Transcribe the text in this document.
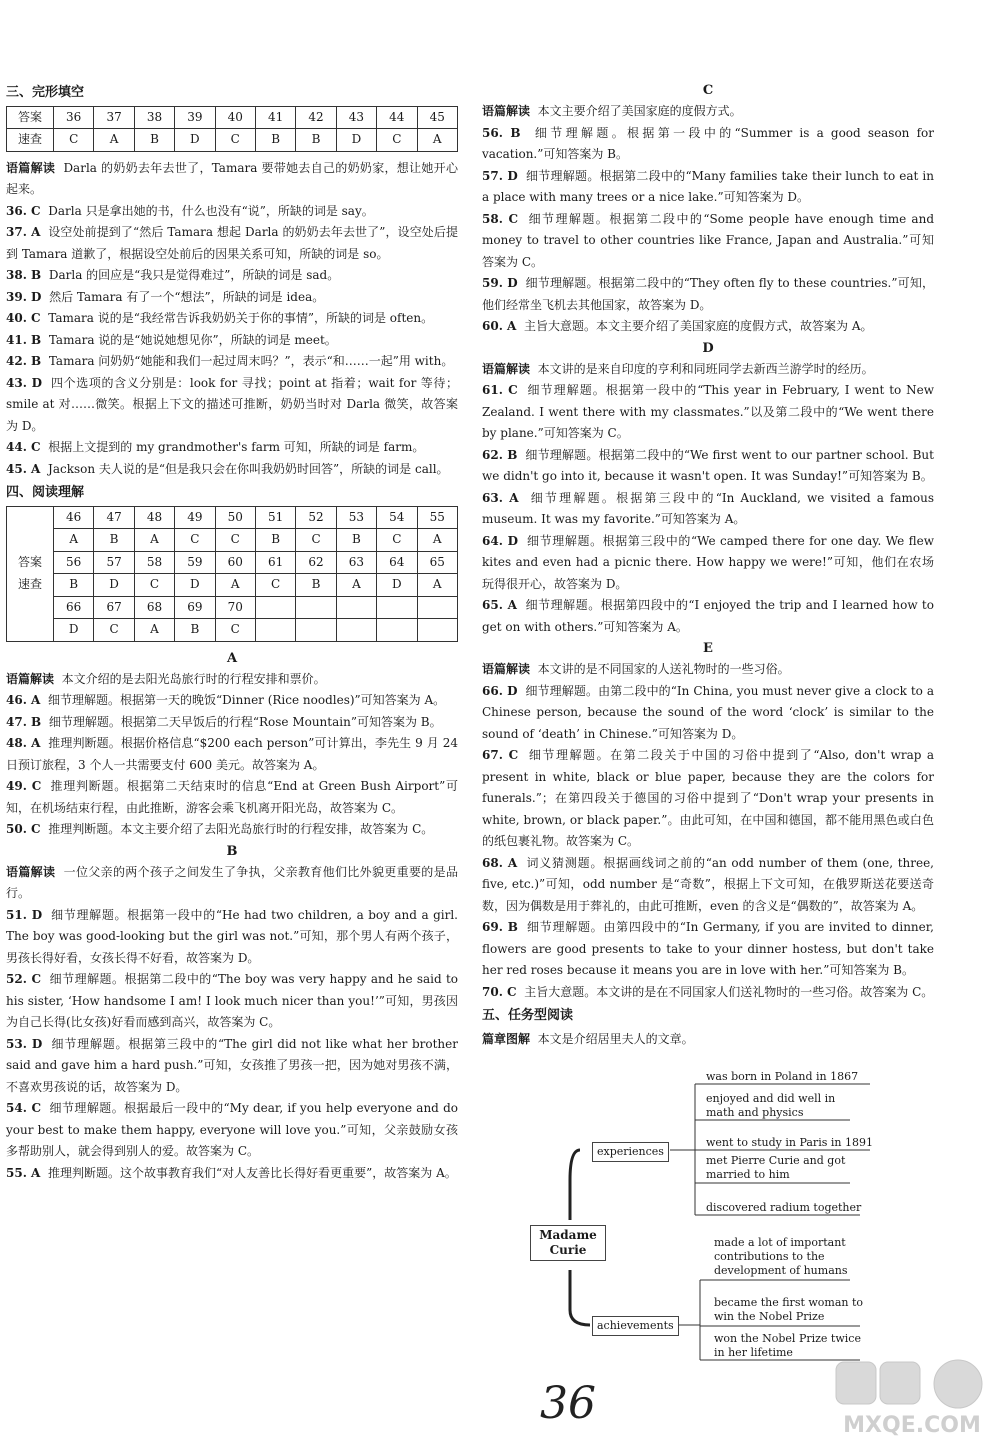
三、完形填空
答案	36	37	38	39	40	41	42	43	44	45
速查	C	A	B	D	C	B	B	D	C	A

语篇解读 Darla 的奶奶去年去世了，Tamara 要带她去自己的奶奶家，想让她开心起来。

36. C Darla 只是拿出她的书，什么也没有“说”，所缺的词是 say。

37. A 设空处前提到了“然后 Tamara 想起 Darla 的奶奶去年去世了”，设空处后提到 Tamara 道歉了，根据设空处前后的因果关系可知，所缺的词是 so。

38. B Darla 的回应是“我只是觉得难过”，所缺的词是 sad。

39. D 然后 Tamara 有了一个“想法”，所缺的词是 idea。

40. C Tamara 说的是“我经常告诉我奶奶关于你的事情”，所缺的词是 often。

41. B Tamara 说的是“她说她想见你”，所缺的词是 meet。

42. B Tamara 问奶奶“她能和我们一起过周末吗？”，表示“和……一起”用 with。

43. D 四个选项的含义分别是：look for 寻找；point at 指着；wait for 等待；smile at 对……微笑。根据上下文的描述可推断，奶奶当时对 Darla 微笑，故答案为 D。

44. C 根据上文提到的 my grandmother's farm 可知，所缺的词是 farm。

45. A Jackson 夫人说的是“但是我只会在你叫我奶奶时回答”，所缺的词是 call。

四、阅读理解
答案
速查	46	47	48	49	50	51	52	53	54	55
	A	B	A	C	C	B	C	B	C	A
	56	57	58	59	60	61	62	63	64	65
	B	D	C	D	A	C	B	A	D	A
	66	67	68	69	70					
	D	C	A	B	C					
A

语篇解读 本文介绍的是去阳光岛旅行时的行程安排和票价。

46. A 细节理解题。根据第一天的晚饭“Dinner (Rice noodles)”可知答案为 A。

47. B 细节理解题。根据第二天早饭后的行程“Rose Mountain”可知答案为 B。

48. A 推理判断题。根据价格信息“$200 each person”可计算出，李先生 9 月 24 日预订旅程，3 个人一共需要支付 600 美元。故答案为 A。

49. C 推理判断题。根据第二天结束时的信息“End at Green Bush Airport”可知，在机场结束行程，由此推断，游客会乘飞机离开阳光岛，故答案为 C。

50. C 推理判断题。本文主要介绍了去阳光岛旅行时的行程安排，故答案为 C。

B

语篇解读 一位父亲的两个孩子之间发生了争执，父亲教育他们比外貌更重要的是品行。

51. D 细节理解题。根据第一段中的“He had two children, a boy and a girl. The boy was good-looking but the girl was not.”可知，那个男人有两个孩子，男孩长得好看，女孩长得不好看，故答案为 D。

52. C 细节理解题。根据第二段中的“The boy was very happy and he said to his sister, ‘How handsome I am! I look much nicer than you!’”可知，男孩因为自己长得(比女孩)好看而感到高兴，故答案为 C。

53. D 细节理解题。根据第三段中的“The girl did not like what her brother said and gave him a hard push.”可知，女孩推了男孩一把，因为她对男孩不满，不喜欢男孩说的话，故答案为 D。

54. C 细节理解题。根据最后一段中的“My dear, if you help everyone and do your best to make them happy, everyone will love you.”可知，父亲鼓励女孩多帮助别人，就会得到别人的爱。故答案为 C。

55. A 推理判断题。这个故事教育我们“对人友善比长得好看更重要”，故答案为 A。

C

语篇解读 本文主要介绍了美国家庭的度假方式。

56. B 细节理解题。根据第一段中的“Summer is a good season for vacation.”可知答案为 B。

57. D 细节理解题。根据第二段中的“Many families take their lunch to eat in a place with many trees or a nice lake.”可知答案为 D。

58. C 细节理解题。根据第二段中的“Some people have enough time and money to travel to other countries like France, Japan and Australia.”可知答案为 C。

59. D 细节理解题。根据第二段中的“They often fly to these countries.”可知，他们经常坐飞机去其他国家，故答案为 D。

60. A 主旨大意题。本文主要介绍了美国家庭的度假方式，故答案为 A。

D

语篇解读 本文讲的是来自印度的亨利和同班同学去新西兰游学时的经历。

61. C 细节理解题。根据第一段中的“This year in February, I went to New Zealand. I went there with my classmates.”以及第二段中的“We went there by plane.”可知答案为 C。

62. B 细节理解题。根据第二段中的“We first went to our partner school. But we didn't go into it, because it wasn't open. It was Sunday!”可知答案为 B。

63. A 细节理解题。根据第三段中的“In Auckland, we visited a famous museum. It was my favorite.”可知答案为 A。

64. D 细节理解题。根据第三段中的“We camped there for one day. We flew kites and even had a picnic there. How happy we were!”可知，他们在农场玩得很开心，故答案为 D。

65. A 细节理解题。根据第四段中的“I enjoyed the trip and I learned how to get on with others.”可知答案为 A。

E

语篇解读 本文讲的是不同国家的人送礼物时的一些习俗。

66. D 细节理解题。由第二段中的“In China, you must never give a clock to a Chinese person, because the sound of the word ‘clock’ is similar to the sound of ‘death’ in Chinese.”可知答案为 D。

67. C 细节理解题。在第二段关于中国的习俗中提到了“Also, don't wrap a present in white, black or blue paper, because they are the colors for funerals.”；在第四段关于德国的习俗中提到了“Don't wrap your presents in white, brown, or black paper.”。由此可知，在中国和德国，都不能用黑色或白色的纸包裹礼物。故答案为 C。

68. A 词义猜测题。根据画线词之前的“an odd number of them (one, three, five, etc.)”可知，odd number 是“奇数”，根据上下文可知，在俄罗斯送花要送奇数，因为偶数是用于葬礼的，由此可推断，even 的含义是“偶数的”，故答案为 A。

69. B 细节理解题。由第四段中的“In Germany, if you are invited to dinner, flowers are good presents to take to your dinner hostess, but don't take her red roses because it means you are in love with her.”可知答案为 B。

70. C 主旨大意题。本文讲的是在不同国家人们送礼物时的一些习俗。故答案为 C。

五、任务型阅读

篇章图解 本文是介绍居里夫人的文章。

experiences
Madame Curie
achievements
was born in Poland in 1867
enjoyed and did well in math and physics
went to study in Paris in 1891
met Pierre Curie and got married to him
discovered radium together
made a lot of important contributions to the development of humans
became the first woman to win the Nobel Prize
won the Nobel Prize twice in her lifetime
36	MXQE.COM
